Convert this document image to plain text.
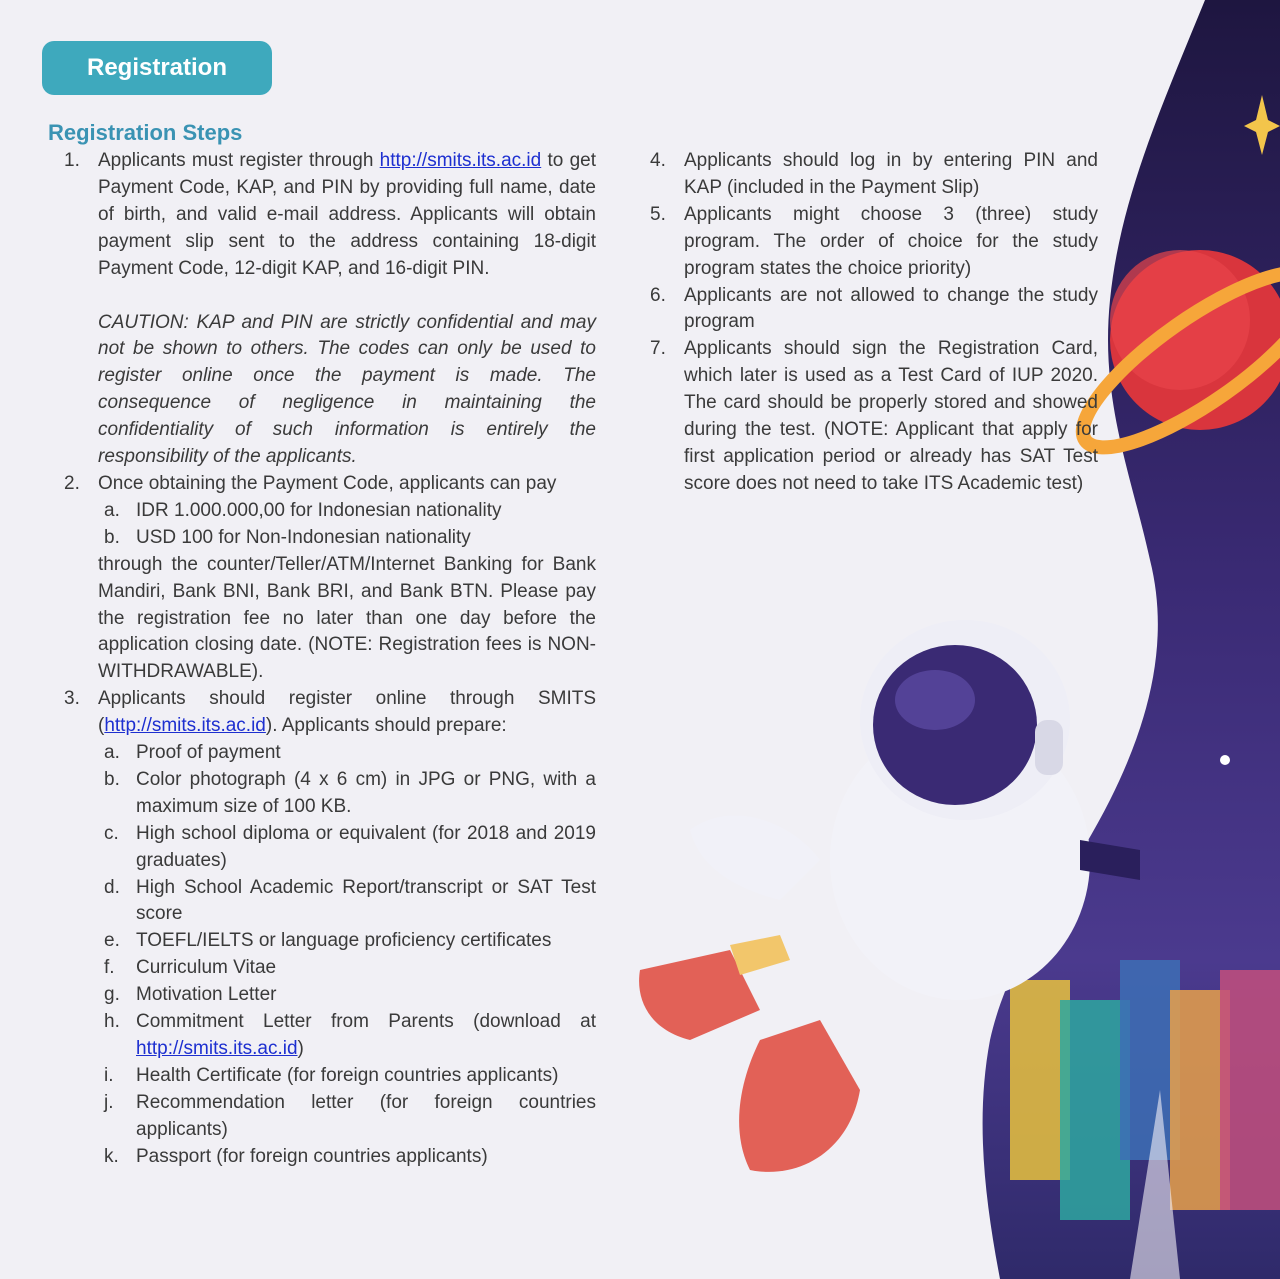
Registration
Registration Steps
1. Applicants must register through http://smits.its.ac.id to get Payment Code, KAP, and PIN by providing full name, date of birth, and valid e-mail address. Applicants will obtain payment slip sent to the address containing 18-digit Payment Code, 12-digit KAP, and 16-digit PIN.
CAUTION: KAP and PIN are strictly confidential and may not be shown to others. The codes can only be used to register online once the payment is made. The consequence of negligence in maintaining the confidentiality of such information is entirely the responsibility of the applicants.
2. Once obtaining the Payment Code, applicants can pay
a. IDR 1.000.000,00 for Indonesian nationality
b. USD 100 for Non-Indonesian nationality
through the counter/Teller/ATM/Internet Banking for Bank Mandiri, Bank BNI, Bank BRI, and Bank BTN. Please pay the registration fee no later than one day before the application closing date. (NOTE: Registration fees is NON-WITHDRAWABLE).
3. Applicants should register online through SMITS (http://smits.its.ac.id). Applicants should prepare:
a. Proof of payment
b. Color photograph (4 x 6 cm) in JPG or PNG, with a maximum size of 100 KB.
c. High school diploma or equivalent (for 2018 and 2019 graduates)
d. High School Academic Report/transcript or SAT Test score
e. TOEFL/IELTS or language proficiency certificates
f.	Curriculum Vitae
g. Motivation Letter
h. Commitment Letter from Parents (download at http://smits.its.ac.id)
i.	Health Certificate (for foreign countries applicants)
j.	Recommendation letter (for foreign countries applicants)
k. Passport (for foreign countries applicants)
4. Applicants should log in by entering PIN and KAP (included in the Payment Slip)
5. Applicants might choose 3 (three) study program. The order of choice for the study program states the choice priority)
6. Applicants are not allowed to change the study program
7. Applicants should sign the Registration Card, which later is used as a Test Card of IUP 2020. The card should be properly stored and showed during the test. (NOTE: Applicant that apply for first application period or already has SAT Test score does not need to take ITS Academic test)
